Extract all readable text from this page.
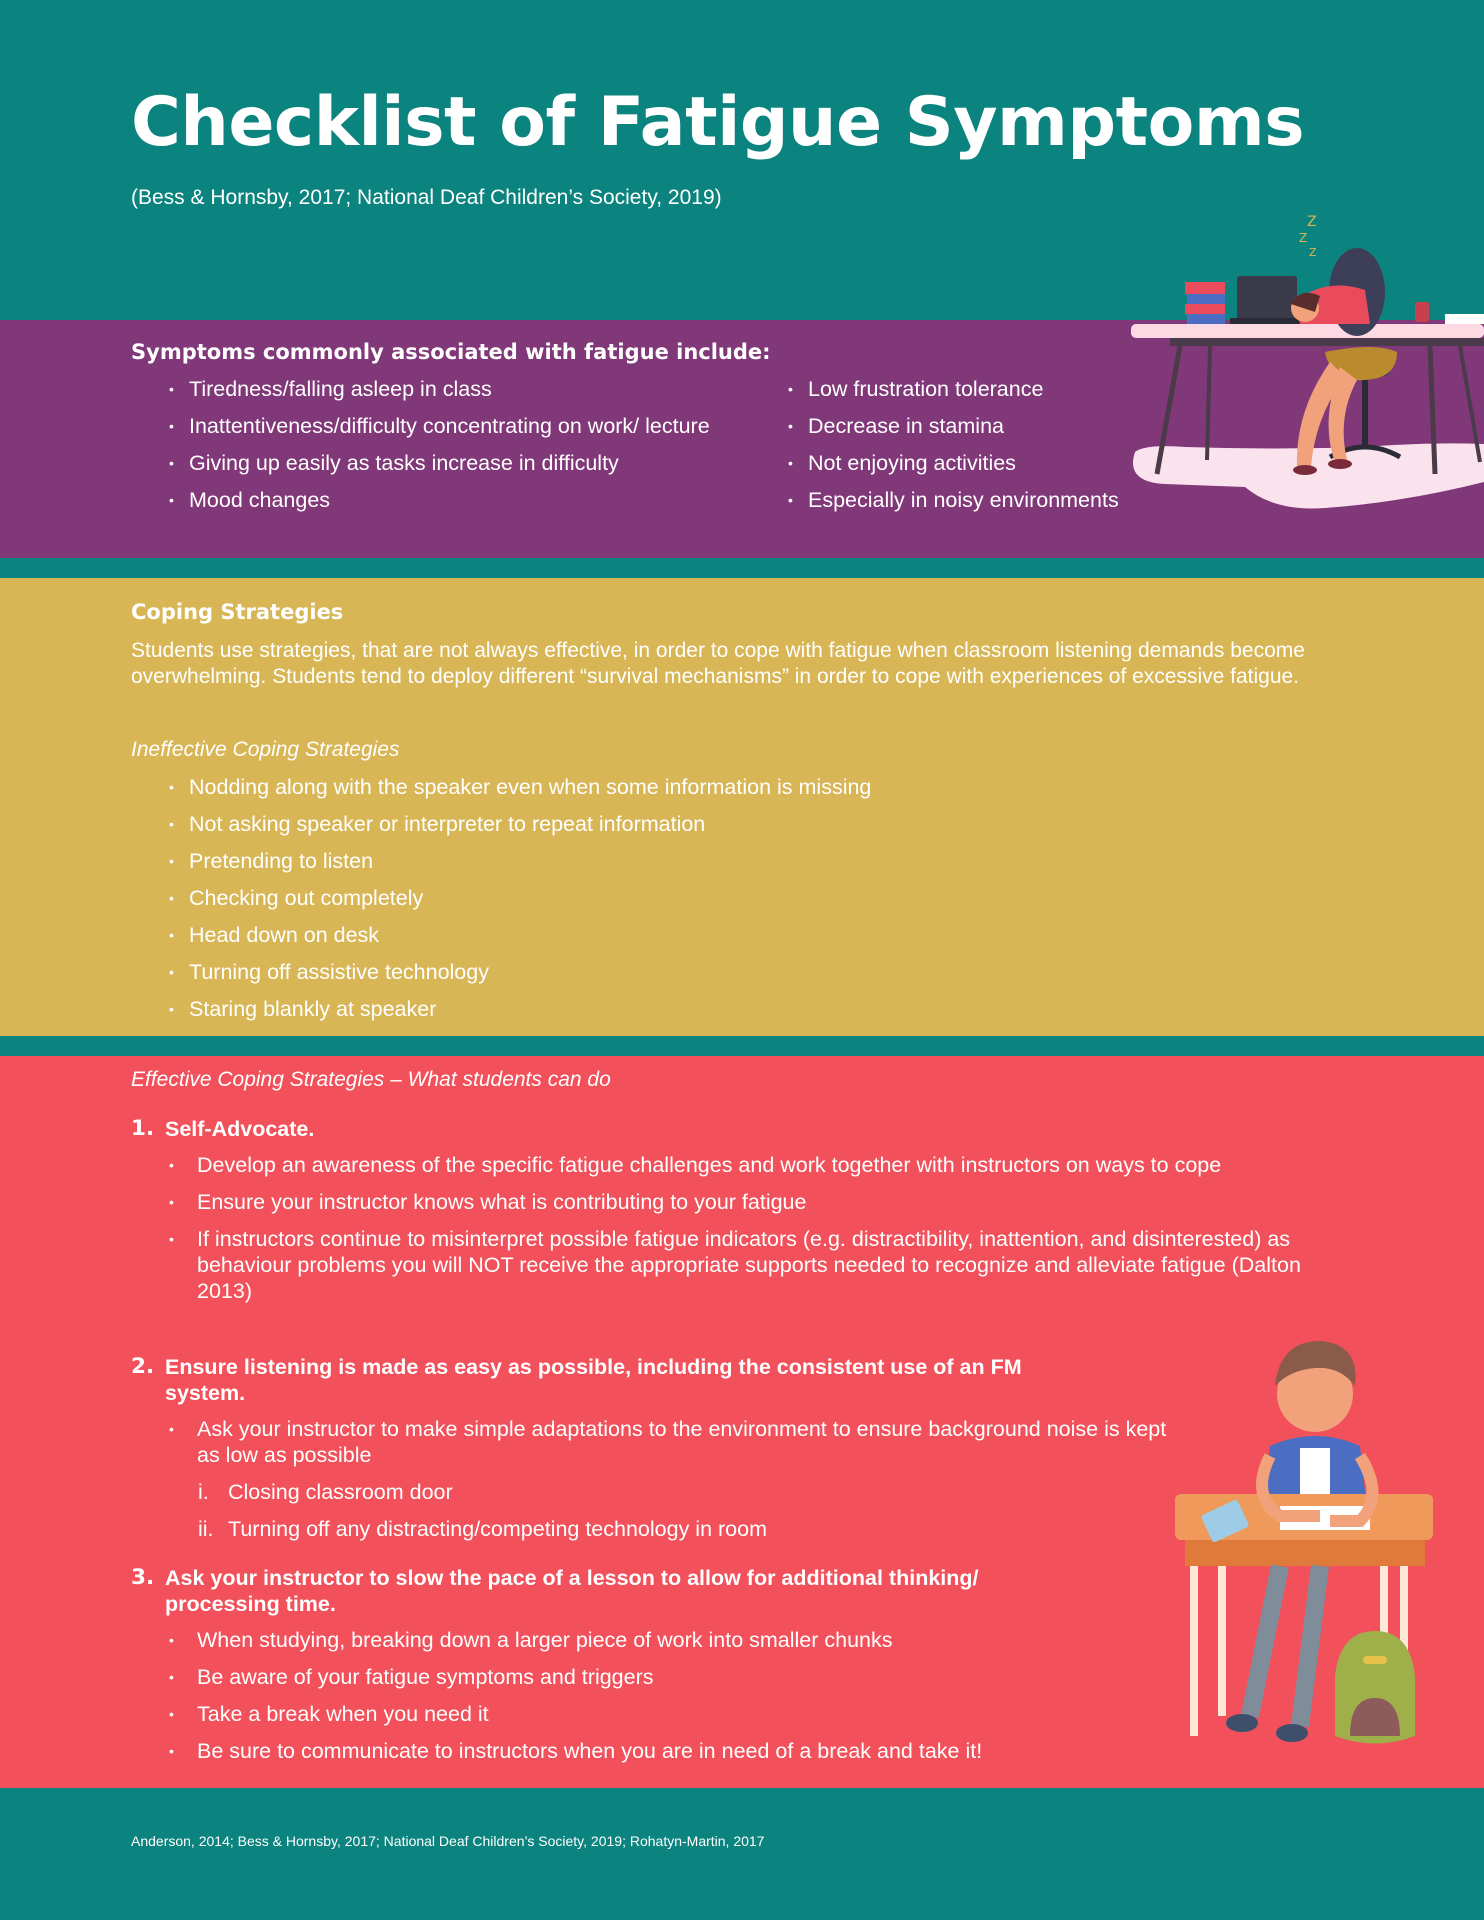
Checklist of Fatigue Symptoms
(Bess & Hornsby, 2017; National Deaf Children’s Society, 2019)
Symptoms commonly associated with fatigue include:
• Tiredness/falling asleep in class
• Inattentiveness/difficulty concentrating on work/ lecture
• Giving up easily as tasks increase in difficulty
• Mood changes
• Low frustration tolerance
• Decrease in stamina
• Not enjoying activities
• Especially in noisy environments
Z
Z
Z
Coping Strategies
Students use strategies, that are not always effective, in order to cope with fatigue when classroom listening demands become overwhelming. Students tend to deploy different “survival mechanisms” in order to cope with experiences of excessive fatigue.
Ineffective Coping Strategies
• Nodding along with the speaker even when some information is missing
• Not asking speaker or interpreter to repeat information
• Pretending to listen
• Checking out completely
• Head down on desk
• Turning off assistive technology
• Staring blankly at speaker
Effective Coping Strategies – What students can do
1. Self-Advocate.
• Develop an awareness of the specific fatigue challenges and work together with instructors on ways to cope
• Ensure your instructor knows what is contributing to your fatigue
• If instructors continue to misinterpret possible fatigue indicators (e.g. distractibility, inattention, and disinterested) as behaviour problems you will NOT receive the appropriate supports needed to recognize and alleviate fatigue (Dalton 2013)
2. Ensure listening is made as easy as possible, including the consistent use of an FM system.
• Ask your instructor to make simple adaptations to the environment to ensure background noise is kept as low as possible
i. Closing classroom door
ii. Turning off any distracting/competing technology in room
3. Ask your instructor to slow the pace of a lesson to allow for additional thinking/ processing time.
• When studying, breaking down a larger piece of work into smaller chunks
• Be aware of your fatigue symptoms and triggers
• Take a break when you need it
• Be sure to communicate to instructors when you are in need of a break and take it!
Anderson, 2014; Bess & Hornsby, 2017; National Deaf Children’s Society, 2019; Rohatyn-Martin, 2017
